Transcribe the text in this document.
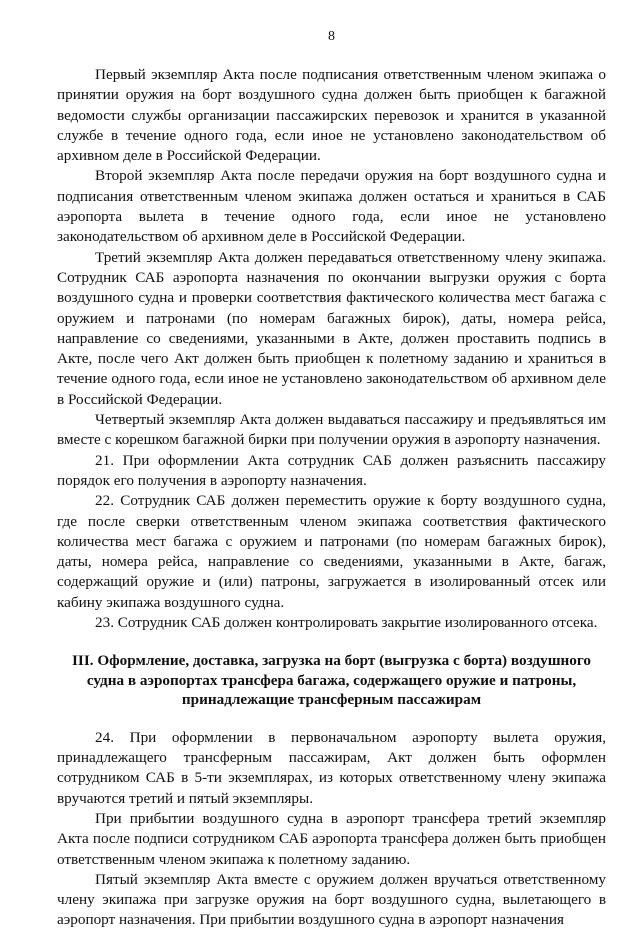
8

Первый экземпляр Акта после подписания ответственным членом экипажа о принятии оружия на борт воздушного судна должен быть приобщен к багажной ведомости службы организации пассажирских перевозок и хранится в указанной службе в течение одного года, если иное не установлено законодательством об архивном деле в Российской Федерации.

Второй экземпляр Акта после передачи оружия на борт воздушного судна и подписания ответственным членом экипажа должен остаться и храниться в САБ аэропорта вылета в течение одного года, если иное не установлено законодательством об архивном деле в Российской Федерации.

Третий экземпляр Акта должен передаваться ответственному члену экипажа. Сотрудник САБ аэропорта назначения по окончании выгрузки оружия с борта воздушного судна и проверки соответствия фактического количества мест багажа с оружием и патронами (по номерам багажных бирок), даты, номера рейса, направление со сведениями, указанными в Акте, должен проставить подпись в Акте, после чего Акт должен быть приобщен к полетному заданию и храниться в течение одного года, если иное не установлено законодательством об архивном деле в Российской Федерации.

Четвертый экземпляр Акта должен выдаваться пассажиру и предъявляться им вместе с корешком багажной бирки при получении оружия в аэропорту назначения.

21. При оформлении Акта сотрудник САБ должен разъяснить пассажиру порядок его получения в аэропорту назначения.

22. Сотрудник САБ должен переместить оружие к борту воздушного судна, где после сверки ответственным членом экипажа соответствия фактического количества мест багажа с оружием и патронами (по номерам багажных бирок), даты, номера рейса, направление со сведениями, указанными в Акте, багаж, содержащий оружие и (или) патроны, загружается в изолированный отсек или кабину экипажа воздушного судна.

23. Сотрудник САБ должен контролировать закрытие изолированного отсека.

III. Оформление, доставка, загрузка на борт (выгрузка с борта) воздушного судна в аэропортах трансфера багажа, содержащего оружие и патроны, принадлежащие трансферным пассажирам

24. При оформлении в первоначальном аэропорту вылета оружия, принадлежащего трансферным пассажирам, Акт должен быть оформлен сотрудником САБ в 5-ти экземплярах, из которых ответственному члену экипажа вручаются третий и пятый экземпляры.

При прибытии воздушного судна в аэропорт трансфера третий экземпляр Акта после подписи сотрудником САБ аэропорта трансфера должен быть приобщен ответственным членом экипажа к полетному заданию.

Пятый экземпляр Акта вместе с оружием должен вручаться ответственному члену экипажа при загрузке оружия на борт воздушного судна, вылетающего в аэропорт назначения. При прибытии воздушного судна в аэропорт назначения
